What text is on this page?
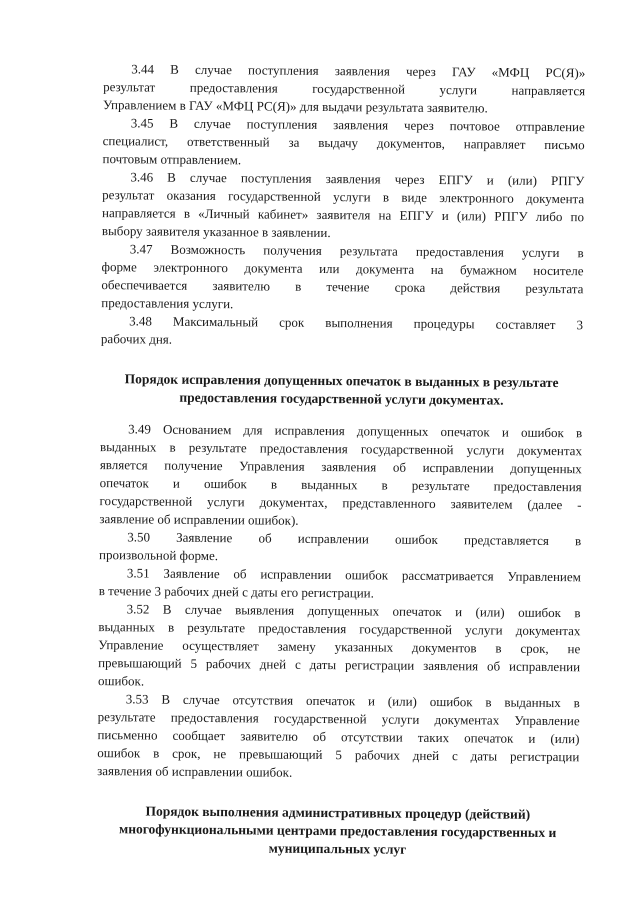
3.44 В случае поступления заявления через ГАУ «МФЦ РС(Я)»
результат предоставления государственной услуги направляется
Управлением в ГАУ «МФЦ РС(Я)» для выдачи результата заявителю.

3.45 В случае поступления заявления через почтовое отправление
специалист, ответственный за выдачу документов, направляет письмо
почтовым отправлением.

3.46 В случае поступления заявления через ЕПГУ и (или) РПГУ
результат оказания государственной услуги в виде электронного документа
направляется в «Личный кабинет» заявителя на ЕПГУ и (или) РПГУ либо по
выбору заявителя указанное в заявлении.

3.47 Возможность получения результата предоставления услуги в
форме электронного документа или документа на бумажном носителе
обеспечивается заявителю в течение срока действия результата
предоставления услуги.

3.48 Максимальный срок выполнения процедуры составляет 3
рабочих дня.

Порядок исправления допущенных опечаток в выданных в результате
предоставления государственной услуги документах.

3.49 Основанием для исправления допущенных опечаток и ошибок в
выданных в результате предоставления государственной услуги документах
является получение Управления заявления об исправлении допущенных
опечаток и ошибок в выданных в результате предоставления
государственной услуги документах, представленного заявителем (далее -
заявление об исправлении ошибок).

3.50 Заявление об исправлении ошибок представляется в
произвольной форме.

3.51 Заявление об исправлении ошибок рассматривается Управлением
в течение 3 рабочих дней с даты его регистрации.

3.52 В случае выявления допущенных опечаток и (или) ошибок в
выданных в результате предоставления государственной услуги документах
Управление осуществляет замену указанных документов в срок, не
превышающий 5 рабочих дней с даты регистрации заявления об исправлении
ошибок.

3.53 В случае отсутствия опечаток и (или) ошибок в выданных в
результате предоставления государственной услуги документах Управление
письменно сообщает заявителю об отсутствии таких опечаток и (или)
ошибок в срок, не превышающий 5 рабочих дней с даты регистрации
заявления об исправлении ошибок.

Порядок выполнения административных процедур (действий)
многофункциональными центрами предоставления государственных и
муниципальных услуг
